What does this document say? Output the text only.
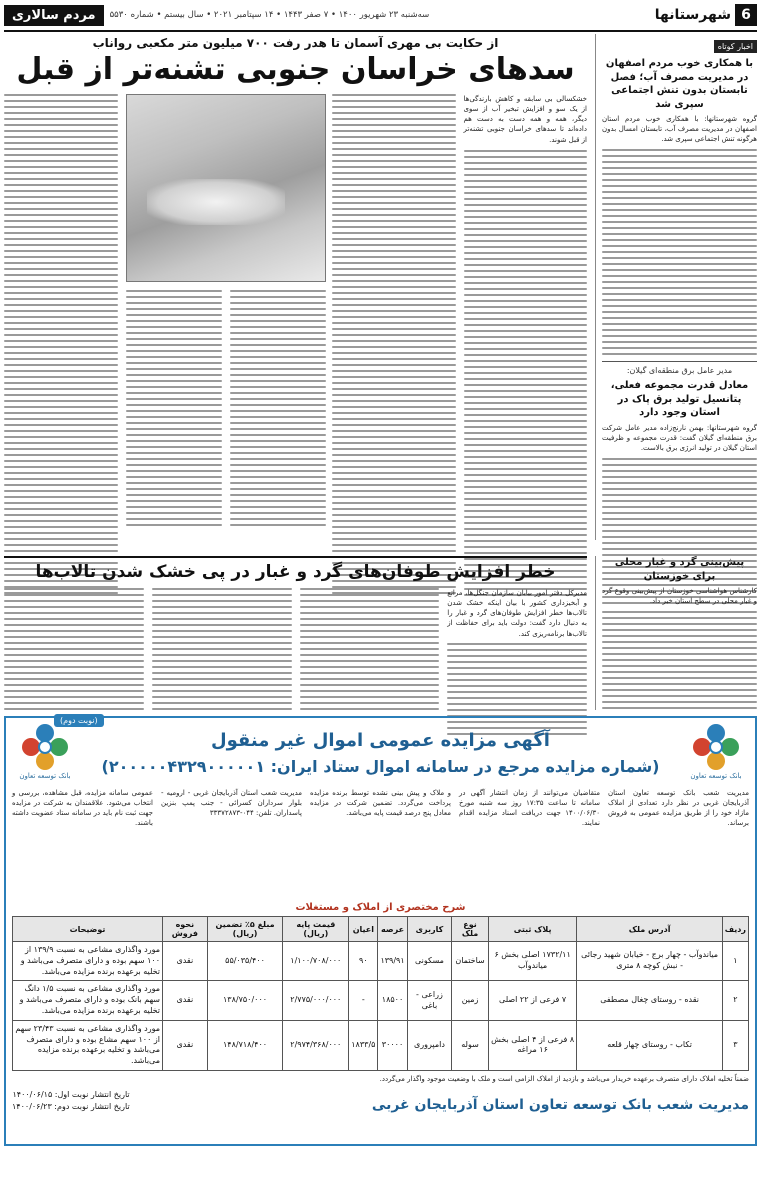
6
شهرستانها
سه‌شنبه ۲۳ شهریور ۱۴۰۰ • ۷ صفر ۱۴۴۳ • ۱۴ سپتامبر ۲۰۲۱ • سال بیستم • شماره ۵۵۳۰
مردم سالاری
اخبار کوتاه
با همکاری خوب مردم اصفهان در مدیریت مصرف آب؛ فصل تابستان بدون تنش اجتماعی سپری شد
گروه شهرستانها: با همکاری خوب مردم استان اصفهان در مدیریت مصرف آب، تابستان امسال بدون هرگونه تنش اجتماعی سپری شد.
مدیر عامل برق منطقه‌ای گیلان:
معادل قدرت مجموعه فعلی، پتانسیل تولید برق پاک در استان وجود دارد
گروه شهرستانها: بهمن نارنج‌زاده مدیر عامل شرکت برق منطقه‌ای گیلان گفت: قدرت مجموعه و ظرفیت استان گیلان در تولید انرژی برق بالاست.
از حکایت بی مهری آسمان تا هدر رفت ۷۰۰ میلیون متر مکعبی رواناب
سدهای خراسان جنوبی تشنه‌تر از قبل
خشکسالی بی سابقه و کاهش بارندگی‌ها از یک سو و افزایش تبخیر آب از سوی دیگر، همه و همه دست به دست هم داده‌اند تا سدهای خراسان جنوبی تشنه‌تر از قبل شوند.
خطر افزایش طوفان‌های گرد و غبار در پی خشک شدن تالاب‌ها
مدیرکل دفتر امور بیابان سازمان جنگل‌ها، مراتع و آبخیزداری کشور با بیان اینکه خشک شدن تالاب‌ها خطر افزایش طوفان‌های گرد و غبار را به دنبال دارد گفت: دولت باید برای حفاظت از تالاب‌ها برنامه‌ریزی کند.
پیش‌بینی گرد و غبار محلی برای خوزستان
کارشناس هواشناسی خوزستان از پیش‌بینی وقوع گرد و غبار محلی در سطح استان خبر داد.
(نوبت دوم)
بانک توسعه تعاون
آگهی مزایده عمومی اموال غیر منقول
(شماره مزایده مرجع در سامانه اموال ستاد ایران: ۲۰۰۰۰۰۴۳۲۹۰۰۰۰۰۱)
بانک توسعه تعاون
مدیریت شعب بانک توسعه تعاون استان آذربایجان غربی در نظر دارد تعدادی از املاک مازاد خود را از طریق مزایده عمومی به فروش برساند.
متقاضیان می‌توانند از زمان انتشار آگهی در سامانه تا ساعت ۱۷:۳۵ روز سه شنبه مورخ ۱۴۰۰/۰۶/۳۰ جهت دریافت اسناد مزایده اقدام نمایند.
و ملاک و پیش بینی نشده توسط برنده مزایده پرداخت می‌گردد. تضمین شرکت در مزایده معادل پنج درصد قیمت پایه می‌باشد.
مدیریت شعب استان آذربایجان غربی - ارومیه - بلوار سرداران کسرائی - جنب پمپ بنزین پاسداران. تلفن: ۰۴۴-۳۳۳۷۲۸۷۳
عمومی سامانه مزایده، قبل مشاهده، بررسی و انتخاب می‌شود. علاقمندان به شرکت در مزایده جهت ثبت نام باید در سامانه ستاد عضویت داشته باشند.
شرح مختصری از املاک و مستغلات
ردیف	آدرس ملک	پلاک ثبتی	نوع ملک	کاربری	عرصه	اعیان	قیمت پایه (ریال)	مبلغ ۵٪ تضمین (ریال)	نحوه فروش	توضیحات
۱	میاندوآب - چهار برج - خیابان شهید رجائی - نبش کوچه ۸ متری	۱۷۳۲/۱۱ اصلی بخش ۶ میاندوآب	ساختمان	مسکونی	۱۳۹/۹۱	۹۰	۱/۱۰۰/۷۰۸/۰۰۰	۵۵/۰۳۵/۴۰۰	نقدی	مورد واگذاری مشاعی به نسبت ۱۳۹/۹ از ۱۰۰ سهم بوده و دارای متصرف می‌باشد و تخلیه برعهده برنده مزایده می‌باشد.
۲	نقده - روستای چغال مصطفی	۷ فرعی از ۲۲ اصلی	زمین	زراعی - باغی	۱۸۵۰۰	-	۲/۷۷۵/۰۰۰/۰۰۰	۱۳۸/۷۵۰/۰۰۰	نقدی	مورد واگذاری مشاعی به نسبت ۱/۵ دانگ سهم بانک بوده و دارای متصرف می‌باشد و تخلیه برعهده برنده مزایده می‌باشد.
۳	تکاب - روستای چهار قلعه	۸ فرعی از ۴ اصلی بخش ۱۶ مراغه	سوله	دامپروری	۳۰۰۰۰	۱۸۳۳/۵	۲/۹۷۴/۳۶۸/۰۰۰	۱۴۸/۷۱۸/۴۰۰	نقدی	مورد واگذاری مشاعی به نسبت ۲۳/۴۳ سهم از ۱۰۰ سهم مشاع بوده و دارای متصرف می‌باشد و تخلیه برعهده برنده مزایده می‌باشد.
ضمناً تخلیه املاک دارای متصرف برعهده خریدار می‌باشد و بازدید از املاک الزامی است و ملک با وضعیت موجود واگذار می‌گردد.
مدیریت شعب بانک توسعه تعاون استان آذربایجان غربی
تاریخ انتشار نوبت اول: ۱۴۰۰/۰۶/۱۵
تاریخ انتشار نوبت دوم: ۱۴۰۰/۰۶/۲۳
